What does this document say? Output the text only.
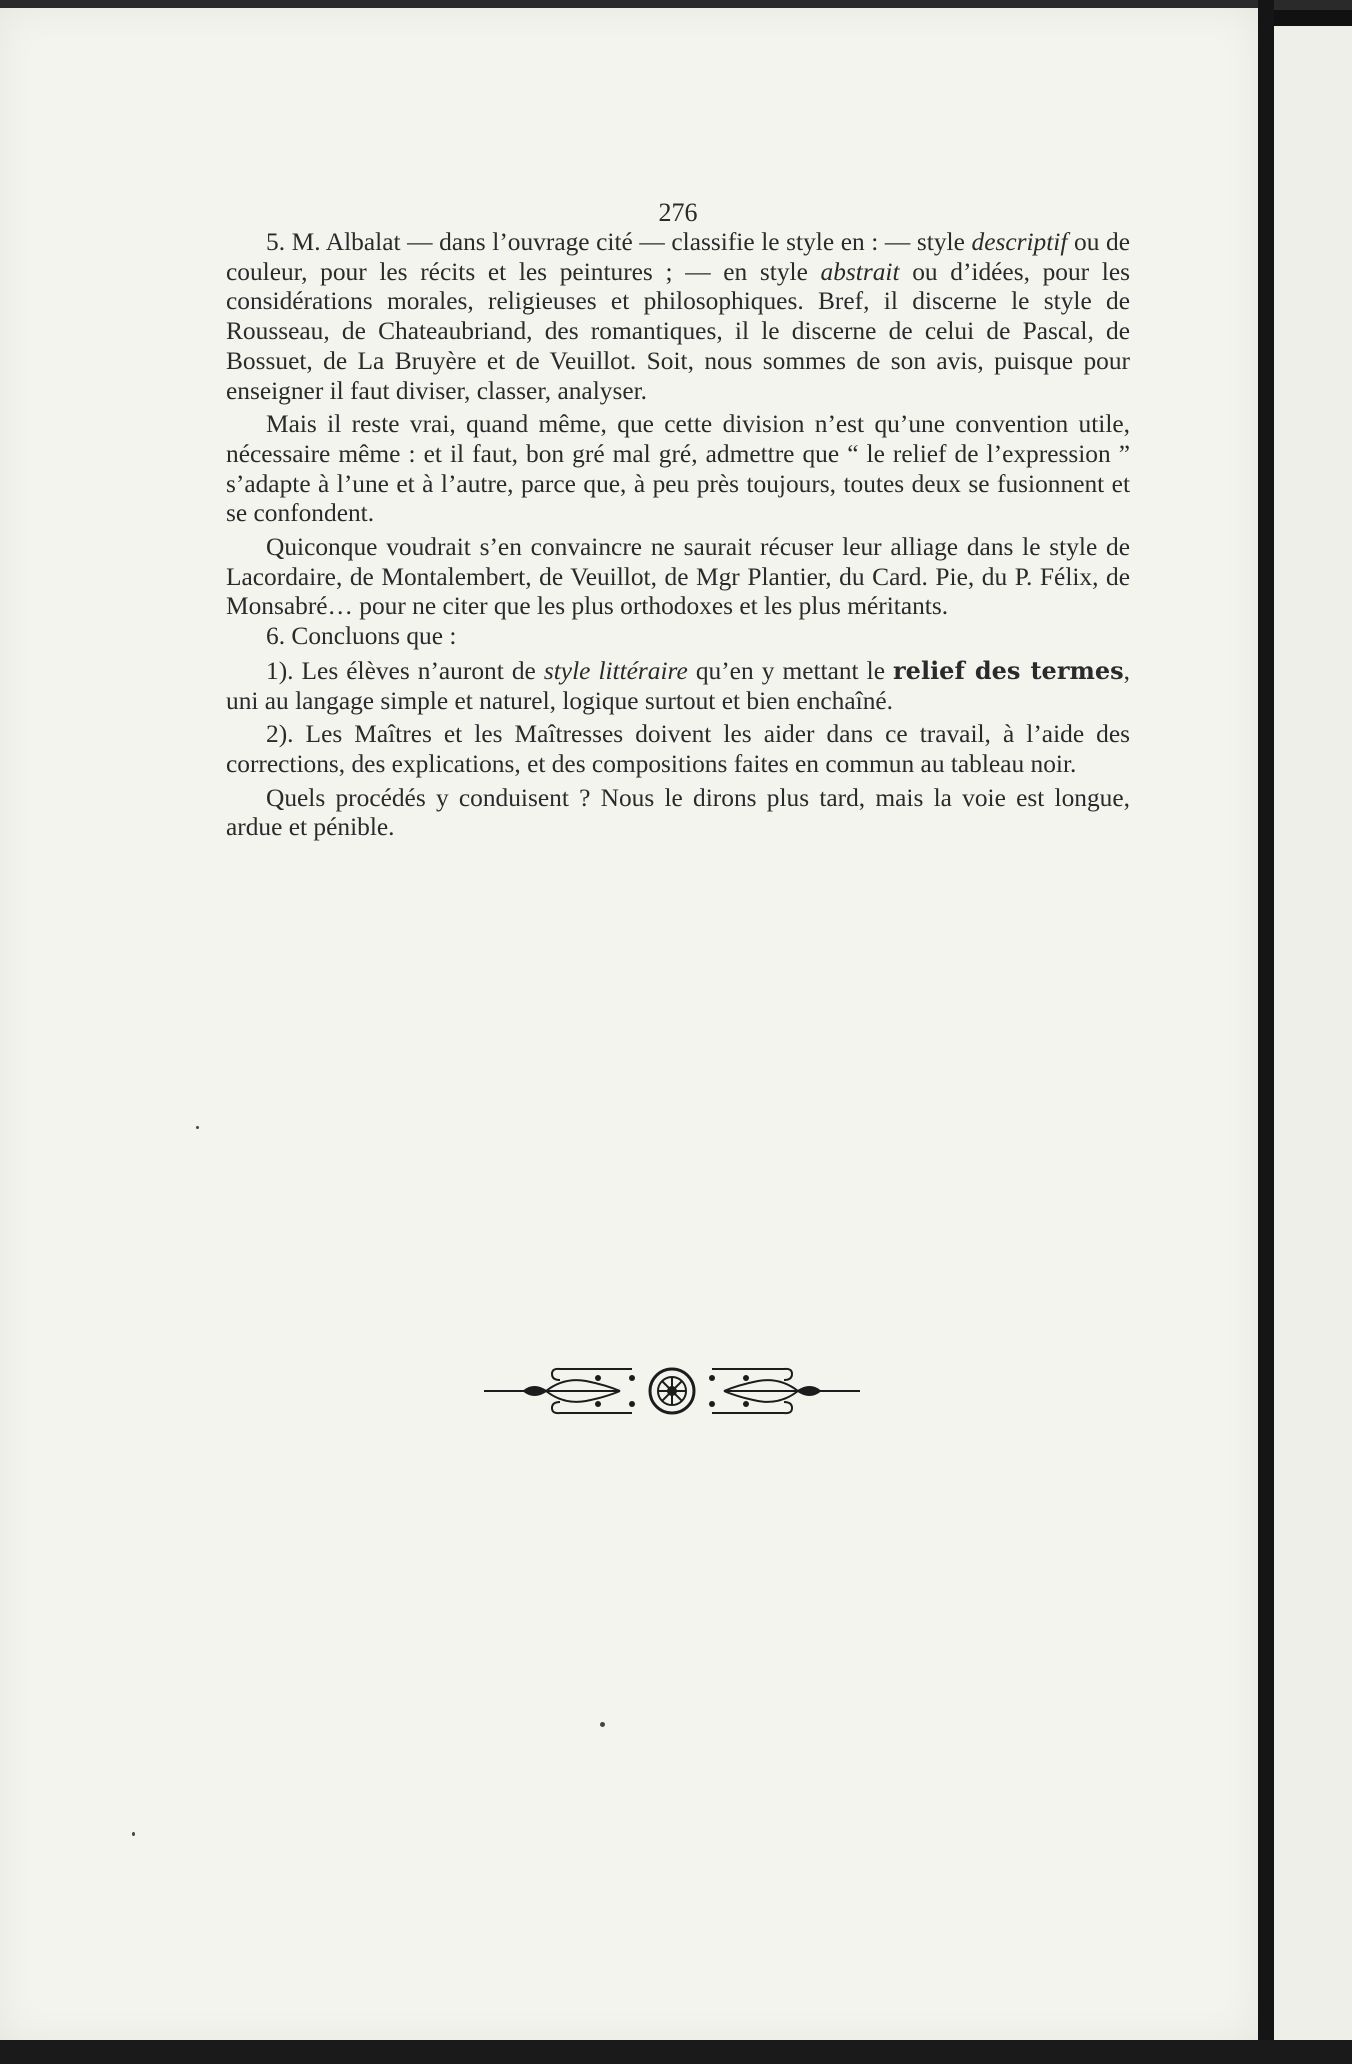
276

5. M. Albalat — dans l’ouvrage cité — classifie le style en : — style descriptif ou de couleur, pour les récits et les peintures ; — en style abstrait ou d’idées, pour les considérations morales, religieuses et philosophiques. Bref, il discerne le style de Rousseau, de Chateaubriand, des romantiques, il le discerne de celui de Pascal, de Bossuet, de La Bruyère et de Veuillot. Soit, nous sommes de son avis, puisque pour enseigner il faut diviser, classer, analyser.

Mais il reste vrai, quand même, que cette division n’est qu’une convention utile, nécessaire même : et il faut, bon gré mal gré, admettre que “ le relief de l’expression ” s’adapte à l’une et à l’autre, parce que, à peu près toujours, toutes deux se fusionnent et se confondent.

Quiconque voudrait s’en convaincre ne saurait récuser leur alliage dans le style de Lacordaire, de Montalembert, de Veuillot, de Mgr Plantier, du Card. Pie, du P. Félix, de Monsabré… pour ne citer que les plus orthodoxes et les plus méritants.

6. Concluons que :

1). Les élèves n’auront de style littéraire qu’en y mettant le relief des termes, uni au langage simple et naturel, logique surtout et bien enchaîné.

2). Les Maîtres et les Maîtresses doivent les aider dans ce travail, à l’aide des corrections, des explications, et des compositions faites en commun au tableau noir.

Quels procédés y conduisent ? Nous le dirons plus tard, mais la voie est longue, ardue et pénible.
